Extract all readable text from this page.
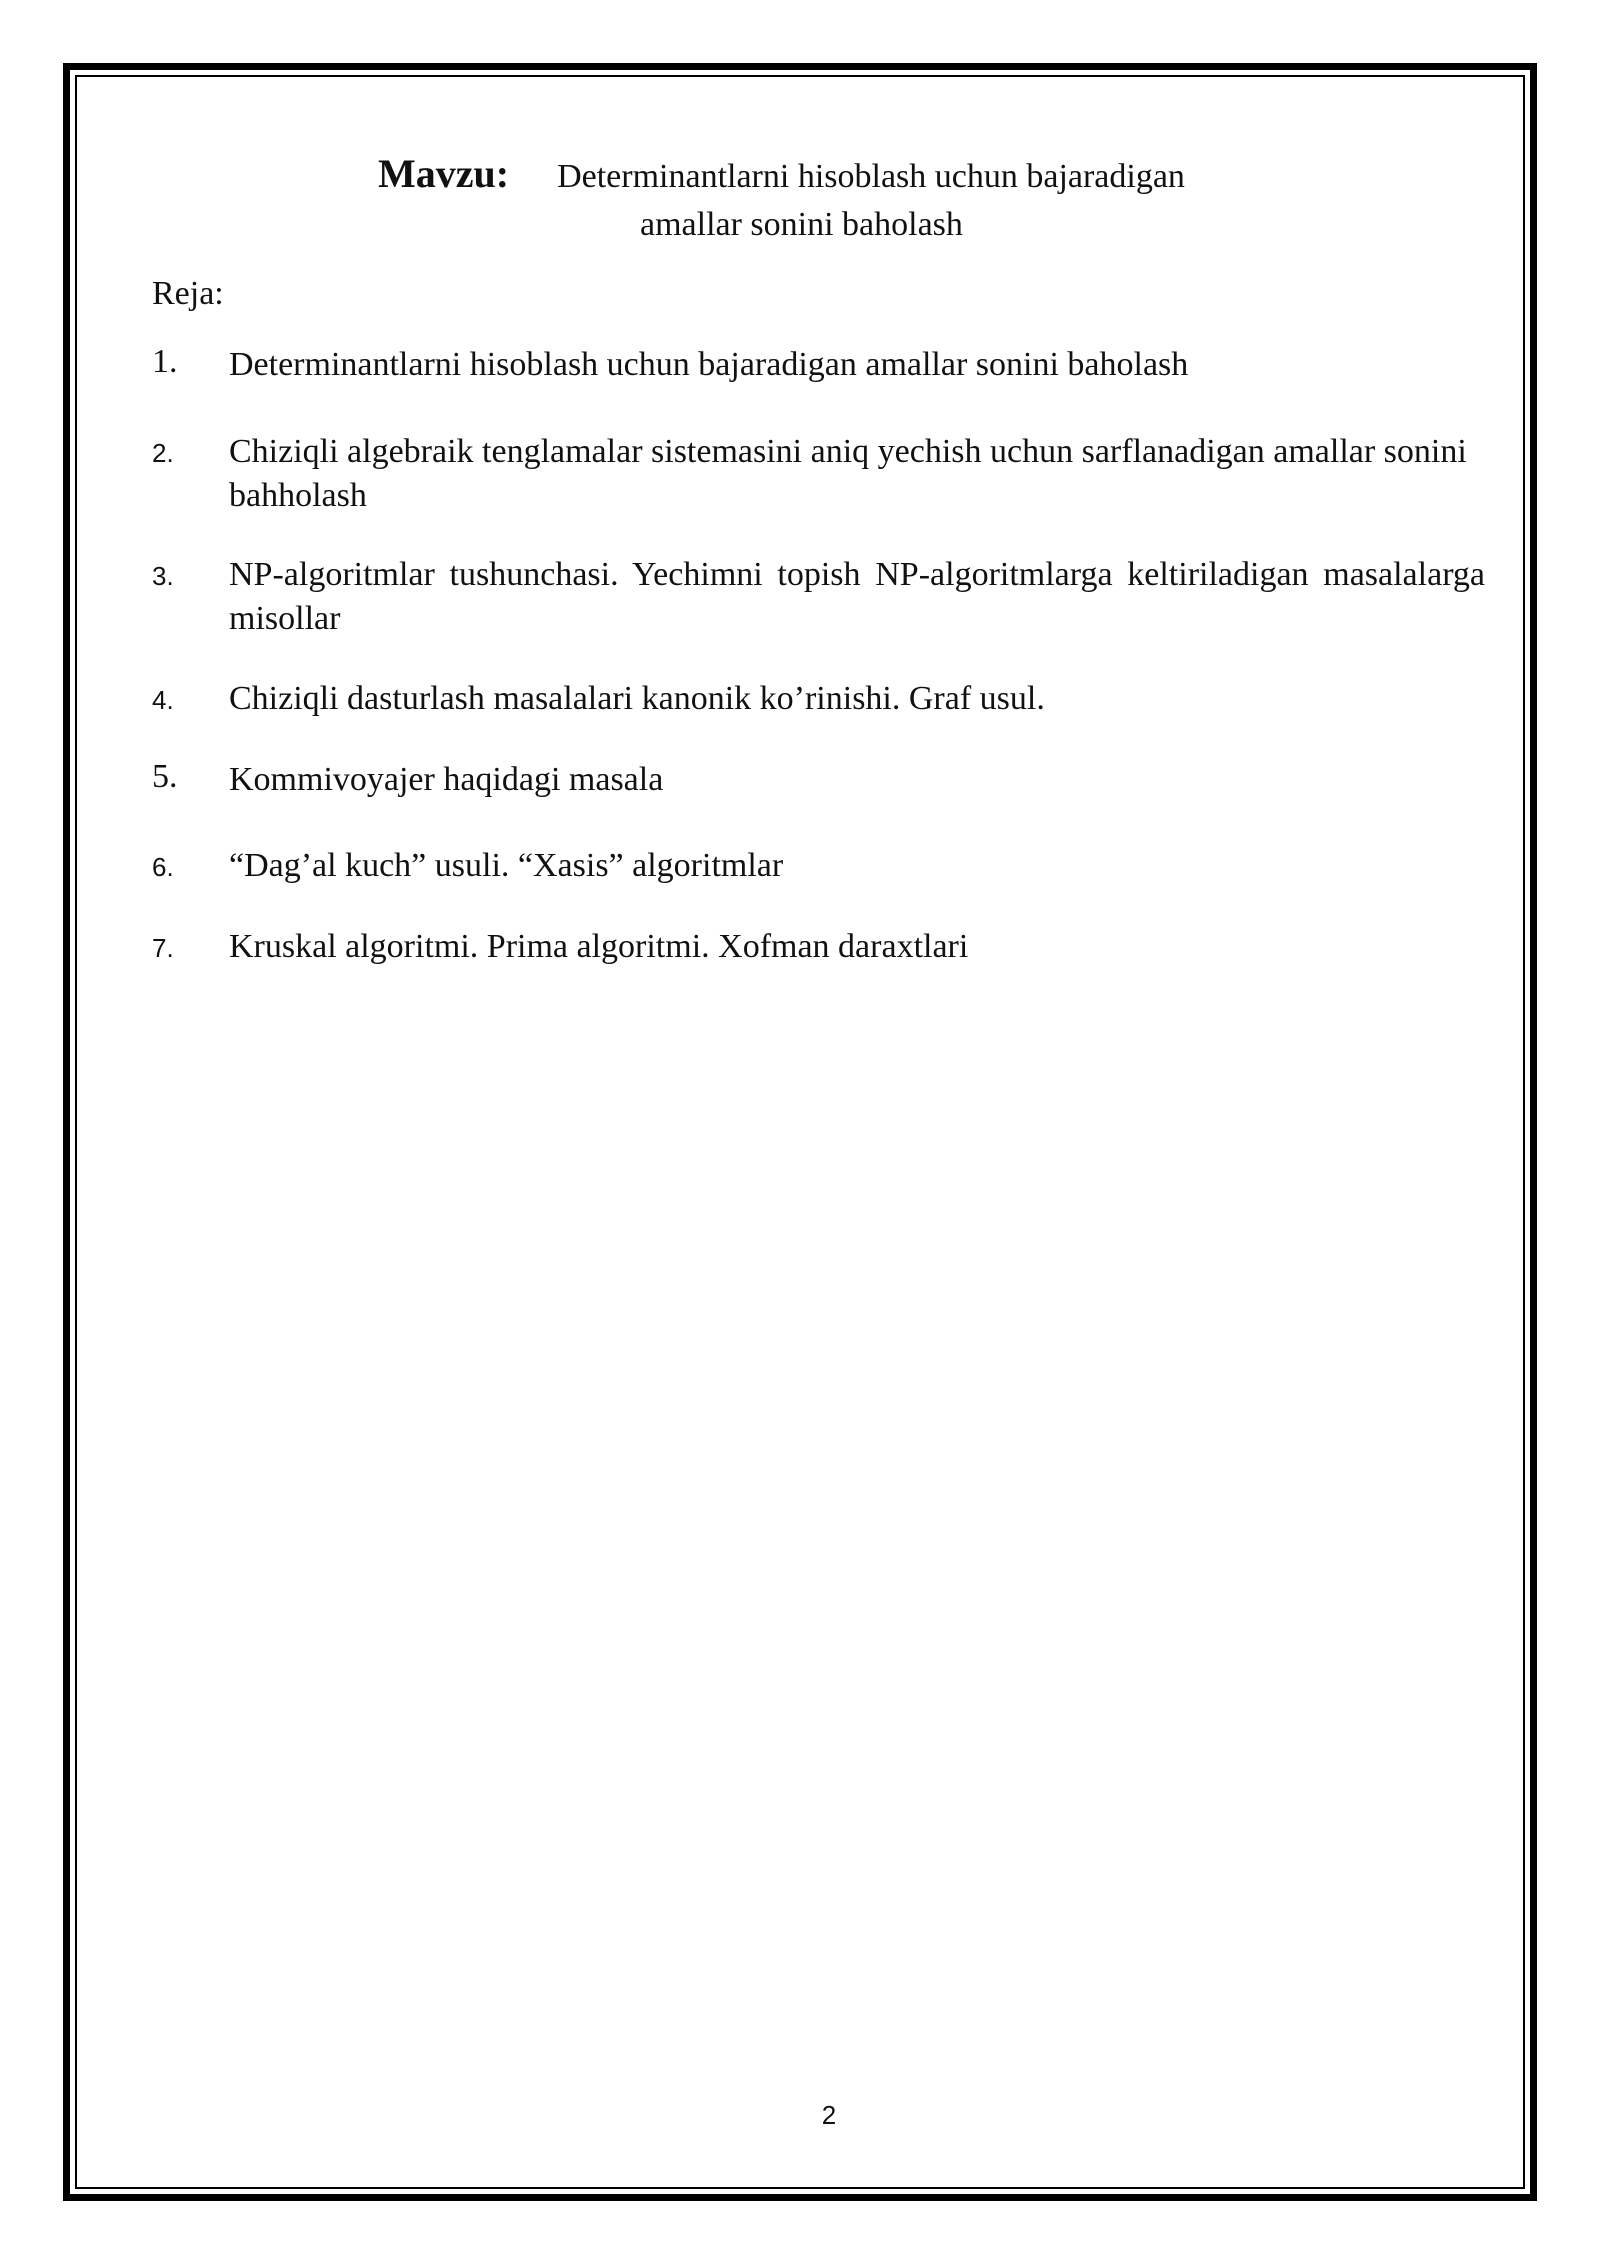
Mavzu: Determinantlarni hisoblash uchun bajaradigan
amallar sonini baholash
Reja:
1. Determinantlarni hisoblash uchun bajaradigan amallar sonini baholash
2. Chiziqli algebraik tenglamalar sistemasini aniq yechish uchun sarflanadigan amallar sonini bahholash
3. NP-algoritmlar tushunchasi. Yechimni topish NP-algoritmlarga keltiriladigan masalalarga misollar
4. Chiziqli dasturlash masalalari kanonik ko’rinishi. Graf usul.
5. Kommivoyajer haqidagi masala
6. “Dag’al kuch” usuli. “Xasis” algoritmlar
7. Kruskal algoritmi. Prima algoritmi. Xofman daraxtlari
2
